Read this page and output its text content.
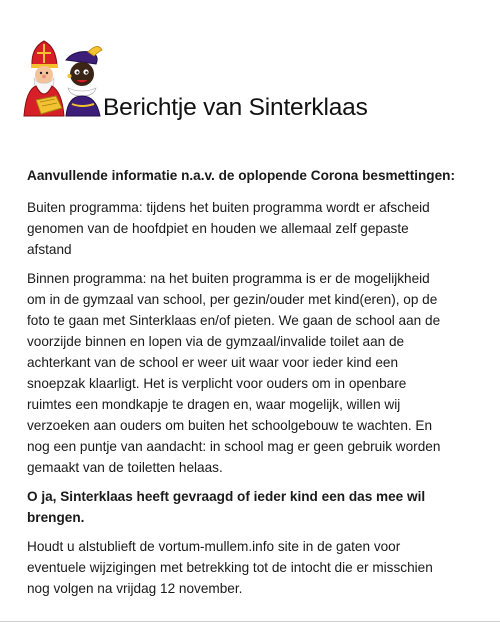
Berichtje van Sinterklaas
Aanvullende informatie n.a.v. de oplopende Corona besmettingen:
Buiten programma: tijdens het buiten programma wordt er afscheid
genomen van de hoofdpiet en houden we allemaal zelf gepaste
afstand
Binnen programma: na het buiten programma is er de mogelijkheid
om in de gymzaal van school, per gezin/ouder met kind(eren), op de
foto te gaan met Sinterklaas en/of pieten. We gaan de school aan de
voorzijde binnen en lopen via de gymzaal/invalide toilet aan de
achterkant van de school er weer uit waar voor ieder kind een
snoepzak klaarligt. Het is verplicht voor ouders om in openbare
ruimtes een mondkapje te dragen en, waar mogelijk, willen wij
verzoeken aan ouders om buiten het schoolgebouw te wachten. En
nog een puntje van aandacht: in school mag er geen gebruik worden
gemaakt van de toiletten helaas.
O ja, Sinterklaas heeft gevraagd of ieder kind een das mee wil
brengen.
Houdt u alstublieft de vortum-mullem.info site in de gaten voor
eventuele wijzigingen met betrekking tot de intocht die er misschien
nog volgen na vrijdag 12 november.
